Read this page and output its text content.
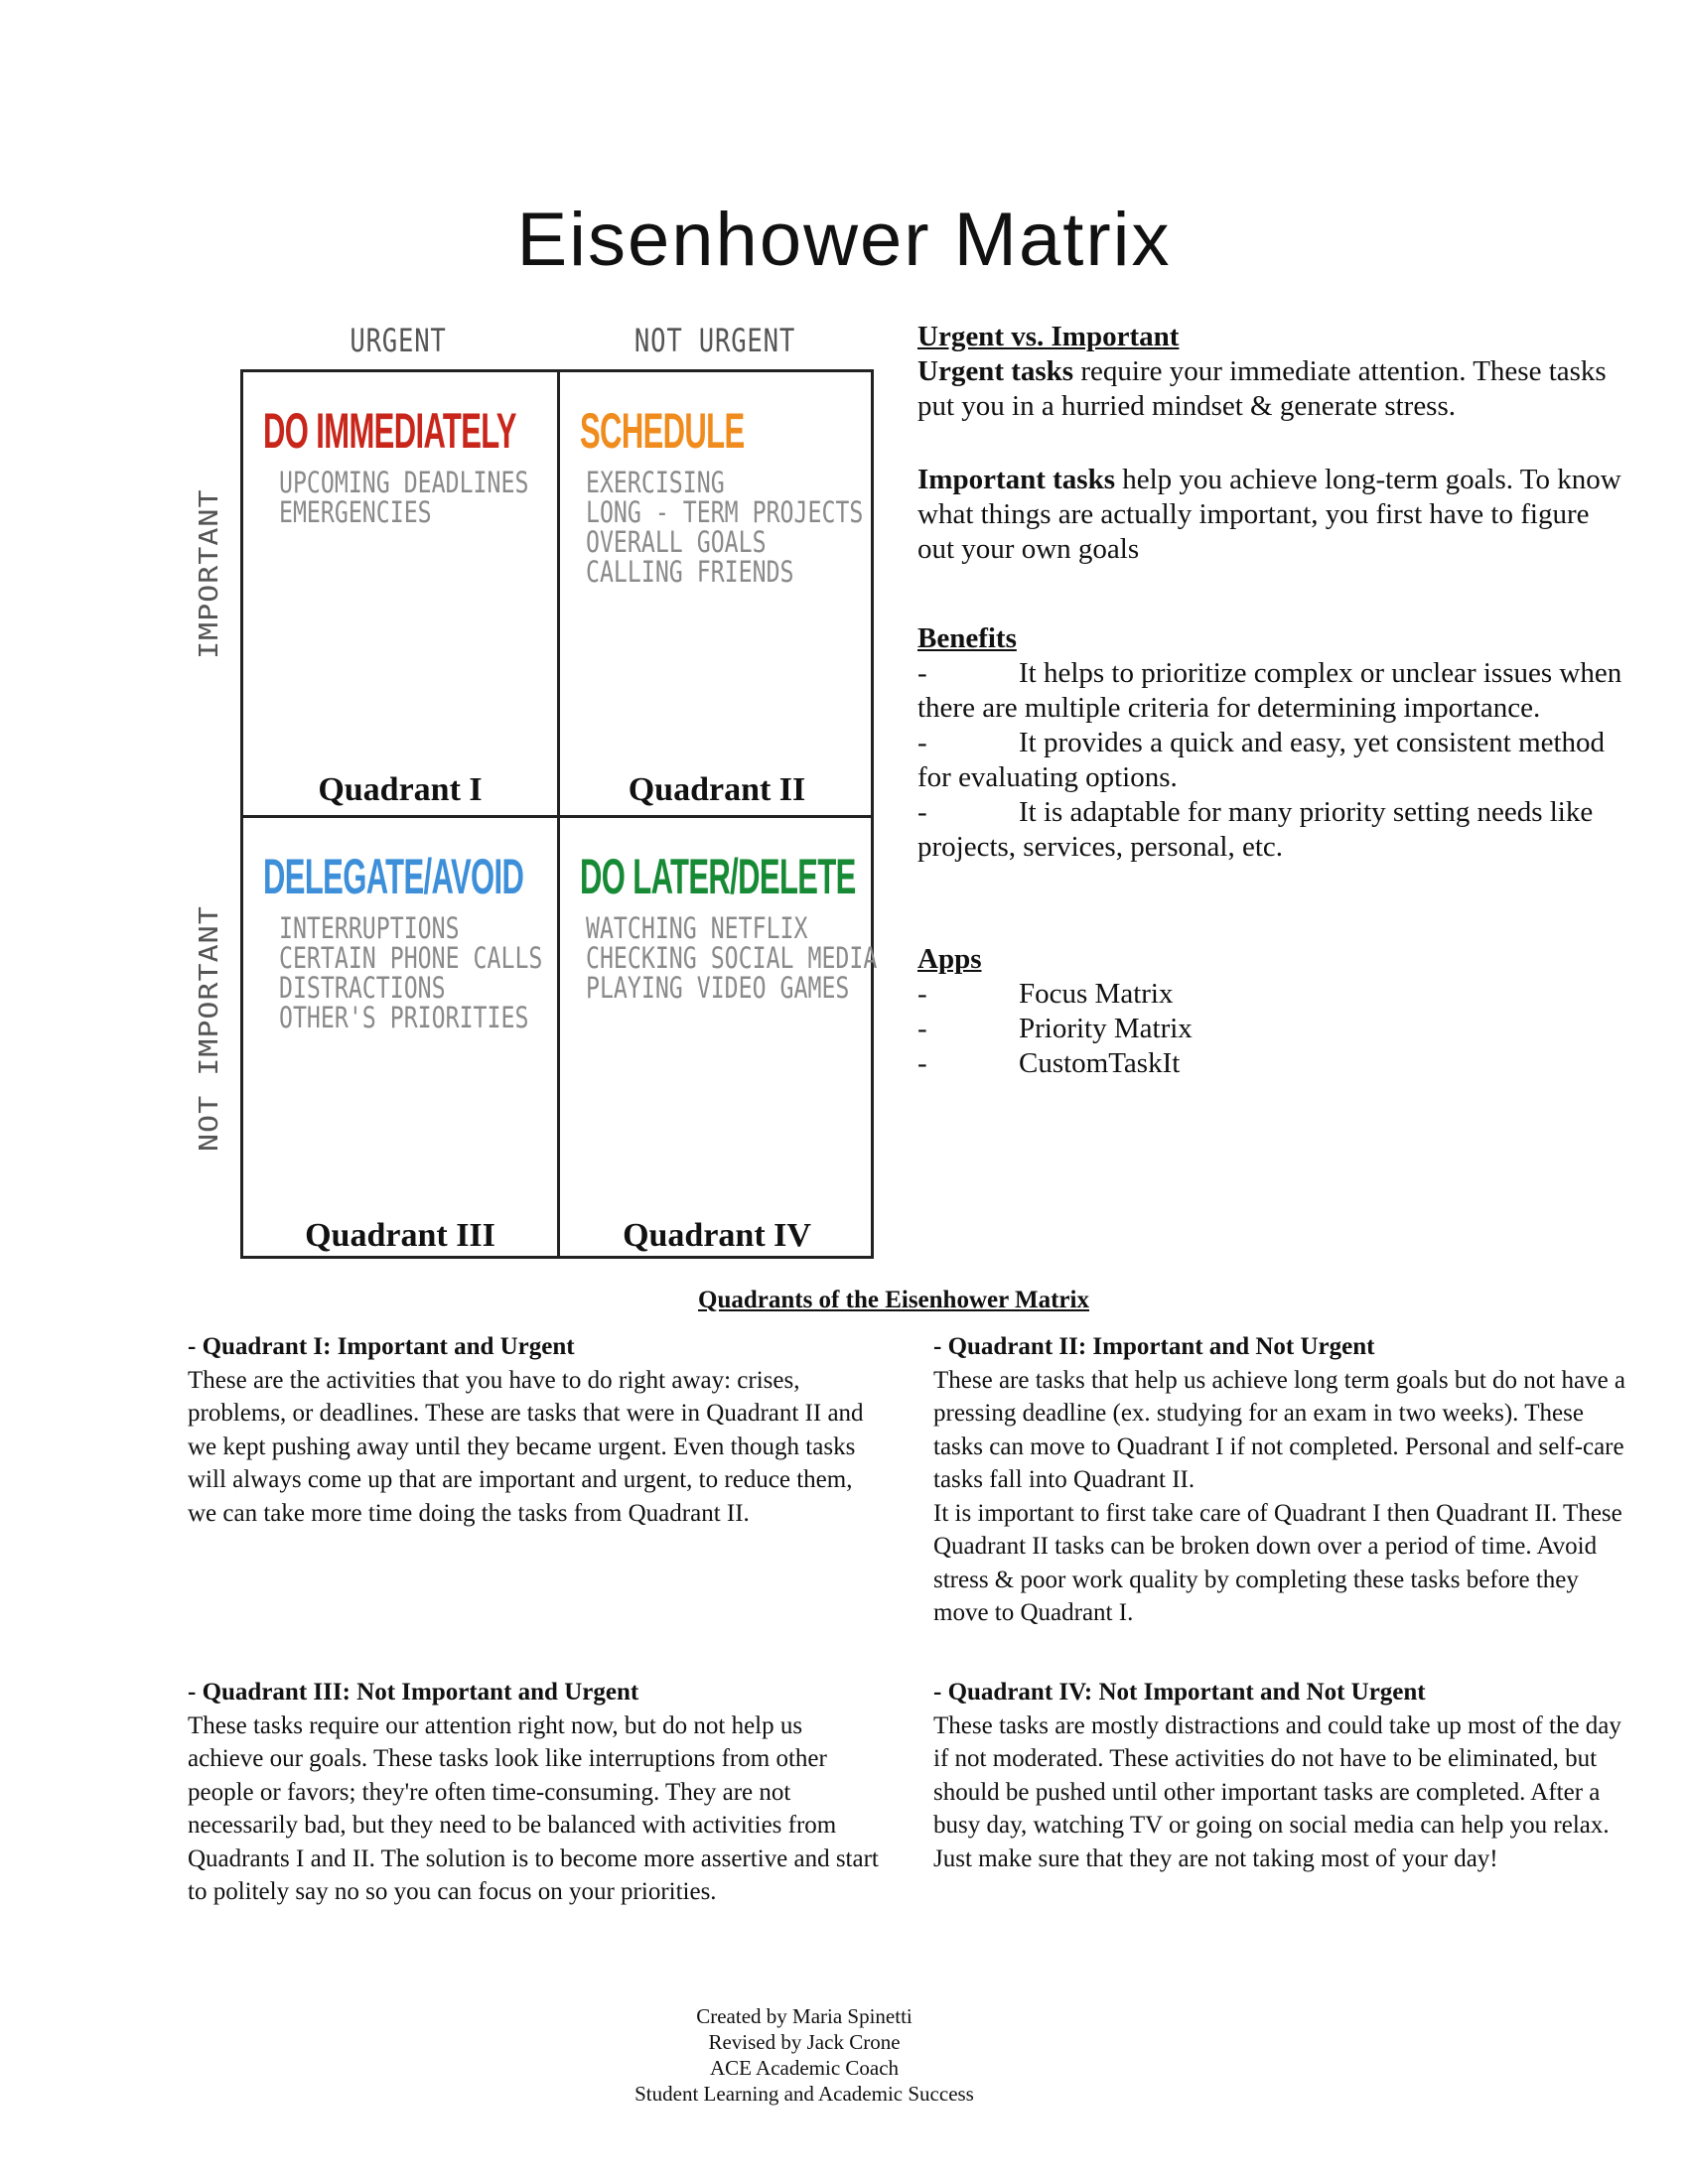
Eisenhower Matrix
URGENT	NOT URGENT
IMPORTANT
NOT IMPORTANT
DO IMMEDIATELY
UPCOMING DEADLINES
EMERGENCIES
Quadrant I
SCHEDULE
EXERCISING
LONG - TERM PROJECTS
OVERALL GOALS
CALLING FRIENDS
Quadrant II
DELEGATE/AVOID
INTERRUPTIONS
CERTAIN PHONE CALLS
DISTRACTIONS
OTHER'S PRIORITIES
Quadrant III
DO LATER/DELETE
WATCHING NETFLIX
CHECKING SOCIAL MEDIA
PLAYING VIDEO GAMES
Quadrant IV

Urgent vs. Important

Urgent tasks require your immediate attention. These tasks put you in a hurried mindset & generate stress.

Important tasks help you achieve long-term goals. To know what things are actually important, you first have to figure out your own goals

Benefits

-	It helps to prioritize complex or unclear issues when there are multiple criteria for determining importance.

-	It provides a quick and easy, yet consistent method for evaluating options.

-	It is adaptable for many priority setting needs like projects, services, personal, etc.

Apps

-	Focus Matrix

-	Priority Matrix

-	CustomTaskIt

Quadrants of the Eisenhower Matrix

- Quadrant I: Important and Urgent

These are the activities that you have to do right away: crises, problems, or deadlines. These are tasks that were in Quadrant II and we kept pushing away until they became urgent. Even though tasks will always come up that are important and urgent, to reduce them, we can take more time doing the tasks from Quadrant II.

- Quadrant II: Important and Not Urgent

These are tasks that help us achieve long term goals but do not have a pressing deadline (ex. studying for an exam in two weeks). These tasks can move to Quadrant I if not completed. Personal and self-care tasks fall into Quadrant II.

It is important to first take care of Quadrant I then Quadrant II. These Quadrant II tasks can be broken down over a period of time. Avoid stress & poor work quality by completing these tasks before they move to Quadrant I.

- Quadrant III: Not Important and Urgent

These tasks require our attention right now, but do not help us achieve our goals. These tasks look like interruptions from other people or favors; they're often time-consuming. They are not necessarily bad, but they need to be balanced with activities from Quadrants I and II. The solution is to become more assertive and start to politely say no so you can focus on your priorities.

- Quadrant IV: Not Important and Not Urgent

These tasks are mostly distractions and could take up most of the day if not moderated. These activities do not have to be eliminated, but should be pushed until other important tasks are completed. After a busy day, watching TV or going on social media can help you relax. Just make sure that they are not taking most of your day!

Created by Maria Spinetti
Revised by Jack Crone
ACE Academic Coach
Student Learning and Academic Success
